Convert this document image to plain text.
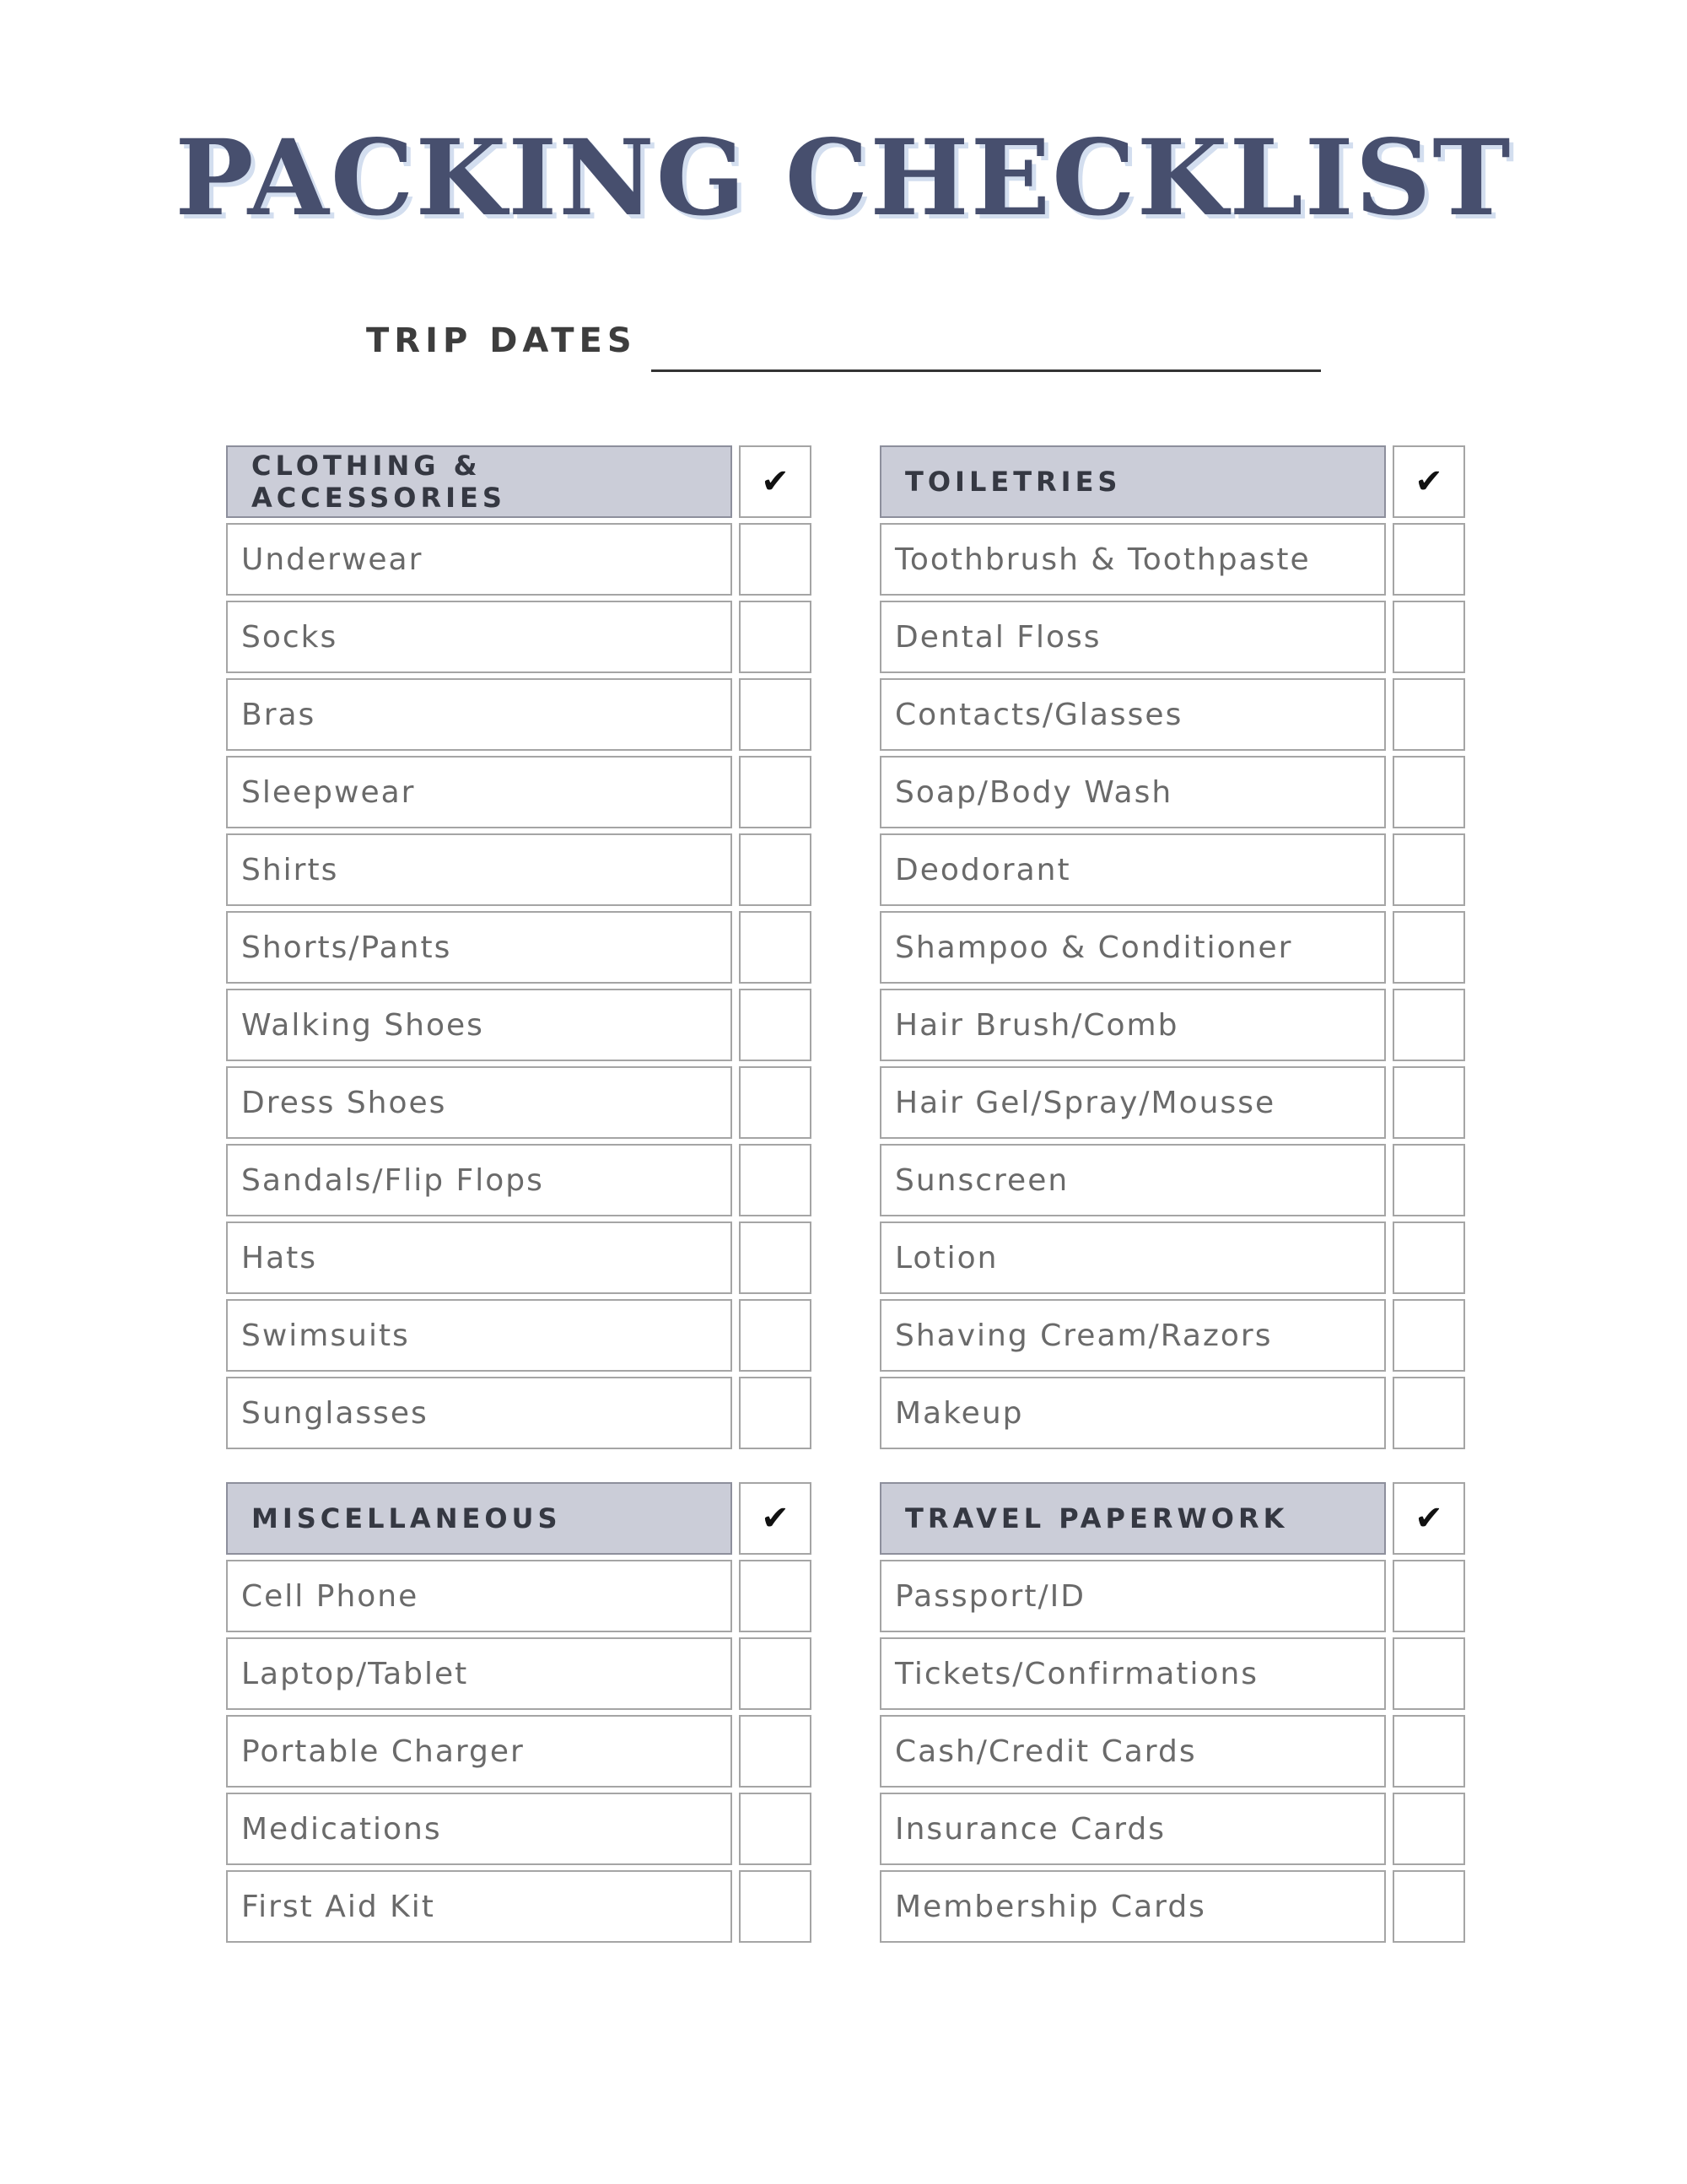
PACKING CHECKLIST
TRIP DATES
CLOTHING & ACCESSORIES	✔
Underwear
Socks
Bras
Sleepwear
Shirts
Shorts/Pants
Walking Shoes
Dress Shoes
Sandals/Flip Flops
Hats
Swimsuits
Sunglasses
TOILETRIES	✔
Toothbrush & Toothpaste
Dental Floss
Contacts/Glasses
Soap/Body Wash
Deodorant
Shampoo & Conditioner
Hair Brush/Comb
Hair Gel/Spray/Mousse
Sunscreen
Lotion
Shaving Cream/Razors
Makeup
MISCELLANEOUS	✔
Cell Phone
Laptop/Tablet
Portable Charger
Medications
First Aid Kit
TRAVEL PAPERWORK	✔
Passport/ID
Tickets/Confirmations
Cash/Credit Cards
Insurance Cards
Membership Cards
